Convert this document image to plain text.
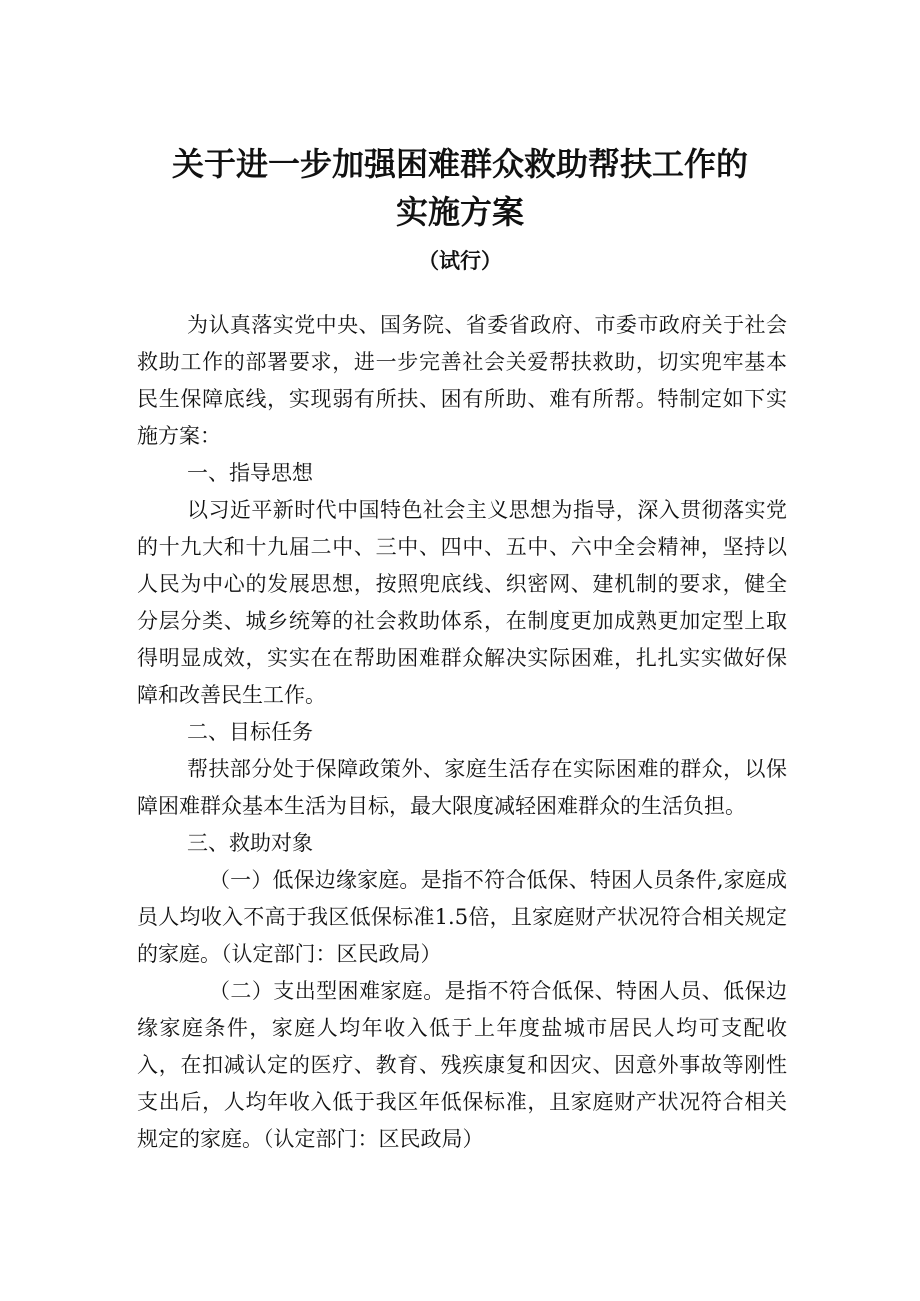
关于进一步加强困难群众救助帮扶工作的
实施方案
（试行）

为认真落实党中央、国务院、省委省政府、市委市政府关于社会救助工作的部署要求，进一步完善社会关爱帮扶救助，切实兜牢基本民生保障底线，实现弱有所扶、困有所助、难有所帮。特制定如下实施方案：

一、指导思想

以习近平新时代中国特色社会主义思想为指导，深入贯彻落实党的十九大和十九届二中、三中、四中、五中、六中全会精神，坚持以人民为中心的发展思想，按照兜底线、织密网、建机制的要求，健全分层分类、城乡统筹的社会救助体系，在制度更加成熟更加定型上取得明显成效，实实在在帮助困难群众解决实际困难，扎扎实实做好保障和改善民生工作。

二、目标任务

帮扶部分处于保障政策外、家庭生活存在实际困难的群众，以保障困难群众基本生活为目标，最大限度减轻困难群众的生活负担。

三、救助对象

（一）低保边缘家庭。是指不符合低保、特困人员条件,家庭成员人均收入不高于我区低保标准1.5倍，且家庭财产状况符合相关规定的家庭。（认定部门：区民政局）

（二）支出型困难家庭。是指不符合低保、特困人员、低保边缘家庭条件，家庭人均年收入低于上年度盐城市居民人均可支配收入，在扣减认定的医疗、教育、残疾康复和因灾、因意外事故等刚性支出后，人均年收入低于我区年低保标准，且家庭财产状况符合相关规定的家庭。（认定部门：区民政局）
